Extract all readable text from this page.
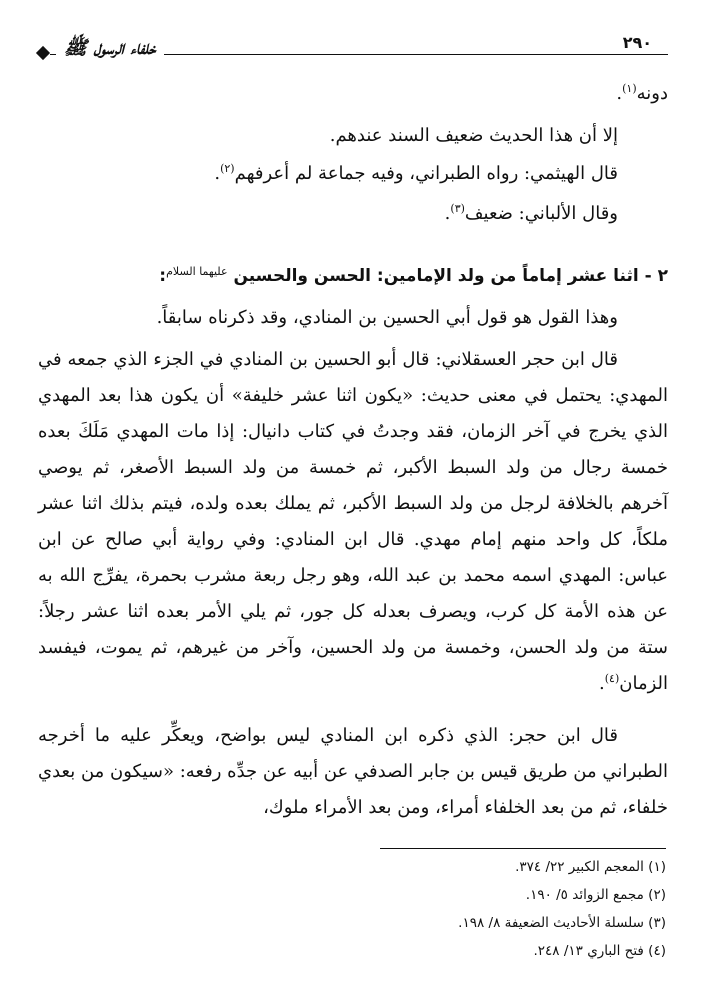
خلفاء الرسول ﷺ	٢٩٠
دونه$^{(١)}$.
إلا أن هذا الحديث ضعيف السند عندهم.
قال الهيثمي: رواه الطبراني، وفيه جماعة لم أعرفهم$^{(٢)}$.
وقال الألباني: ضعيف$^{(٣)}$.
٢ - اثنا عشر إماماً من ولد الإمامين: الحسن والحسين $^{عليهما السلام}$:
وهذا القول هو قول أبي الحسين بن المنادي، وقد ذكرناه سابقاً.
قال ابن حجر العسقلاني: قال أبو الحسين بن المنادي في الجزء الذي جمعه في المهدي: يحتمل في معنى حديث: «يكون اثنا عشر خليفة» أن يكون هذا بعد المهدي الذي يخرج في آخر الزمان، فقد وجدتُ في كتاب دانيال: إذا مات المهدي مَلَكَ بعده خمسة رجال من ولد السبط الأكبر، ثم خمسة من ولد السبط الأصغر، ثم يوصي آخرهم بالخلافة لرجل من ولد السبط الأكبر، ثم يملك بعده ولده، فيتم بذلك اثنا عشر ملكاً، كل واحد منهم إمام مهدي. قال ابن المنادي: وفي رواية أبي صالح عن ابن عباس: المهدي اسمه محمد بن عبد الله، وهو رجل ربعة مشرب بحمرة، يفرِّج الله به عن هذه الأمة كل كرب، ويصرف بعدله كل جور، ثم يلي الأمر بعده اثنا عشر رجلاً: ستة من ولد الحسن، وخمسة من ولد الحسين، وآخر من غيرهم، ثم يموت، فيفسد الزمان$^{(٤)}$.
قال ابن حجر: الذي ذكره ابن المنادي ليس بواضح، ويعكِّر عليه ما أخرجه الطبراني من طريق قيس بن جابر الصدفي عن أبيه عن جدِّه رفعه: «سيكون من بعدي خلفاء، ثم من بعد الخلفاء أمراء، ومن بعد الأمراء ملوك،
(١) المعجم الكبير ٢٢/ ٣٧٤.
(٢) مجمع الزوائد ٥/ ١٩٠.
(٣) سلسلة الأحاديث الضعيفة ٨/ ١٩٨.
(٤) فتح الباري ١٣/ ٢٤٨.
